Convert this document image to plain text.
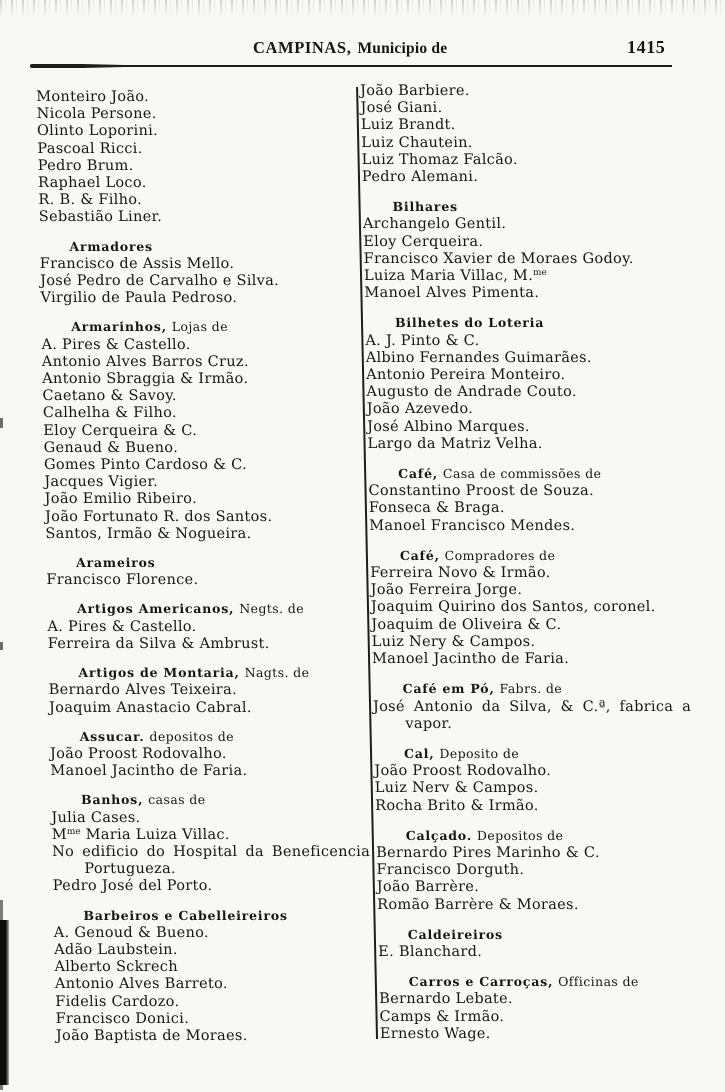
CAMPINAS, Municipio de	1415
Monteiro João.
Nicola Persone.
Olinto Loporini.
Pascoal Ricci.
Pedro Brum.
Raphael Loco.
R. B. & Filho.
Sebastião Liner.
Armadores
Francisco de Assis Mello.
José Pedro de Carvalho e Silva.
Virgilio de Paula Pedroso.
Armarinhos, Lojas de
A. Pires & Castello.
Antonio Alves Barros Cruz.
Antonio Sbraggia & Irmão.
Caetano & Savoy.
Calhelha & Filho.
Eloy Cerqueira & C.
Genaud & Bueno.
Gomes Pinto Cardoso & C.
Jacques Vigier.
João Emilio Ribeiro.
João Fortunato R. dos Santos.
Santos, Irmão & Nogueira.
Arameiros
Francisco Florence.
Artigos Americanos, Negts. de
A. Pires & Castello.
Ferreira da Silva & Ambrust.
Artigos de Montaria, Nagts. de
Bernardo Alves Teixeira.
Joaquim Anastacio Cabral.
Assucar. depositos de
João Proost Rodovalho.
Manoel Jacintho de Faria.
Banhos, casas de
Julia Cases.
$M^{me}$ Maria Luiza Villac.
No edificio do Hospital da Beneficencia
Portugueza.
Pedro José del Porto.
Barbeiros e Cabelleireiros
A. Genoud & Bueno.
Adão Laubstein.
Alberto Sckrech
Antonio Alves Barreto.
Fidelis Cardozo.
Francisco Donici.
João Baptista de Moraes.
João Barbiere.
José Giani.
Luiz Brandt.
Luiz Chautein.
Luiz Thomaz Falcão.
Pedro Alemani.
Bilhares
Archangelo Gentil.
Eloy Cerqueira.
Francisco Xavier de Moraes Godoy.
Luiza Maria Villac, M.$^{me}$
Manoel Alves Pimenta.
Bilhetes do Loteria
A. J. Pinto & C.
Albino Fernandes Guimarães.
Antonio Pereira Monteiro.
Augusto de Andrade Couto.
João Azevedo.
José Albino Marques.
Largo da Matriz Velha.
Café, Casa de commissões de
Constantino Proost de Souza.
Fonseca & Braga.
Manoel Francisco Mendes.
Café, Compradores de
Ferreira Novo & Irmão.
João Ferreira Jorge.
Joaquim Quirino dos Santos, coronel.
Joaquim de Oliveira & C.
Luiz Nery & Campos.
Manoel Jacintho de Faria.
Café em Pó, Fabrs. de
José Antonio da Silva, & C.ª, fabrica a
vapor.
Cal, Deposito de
João Proost Rodovalho.
Luiz Nerv & Campos.
Rocha Brito & Irmão.
Calçado. Depositos de
Bernardo Pires Marinho & C.
Francisco Dorguth.
João Barrère.
Romão Barrère & Moraes.
Caldeireiros
E. Blanchard.
Carros e Carroças, Officinas de
Bernardo Lebate.
Camps & Irmão.
Ernesto Wage.
